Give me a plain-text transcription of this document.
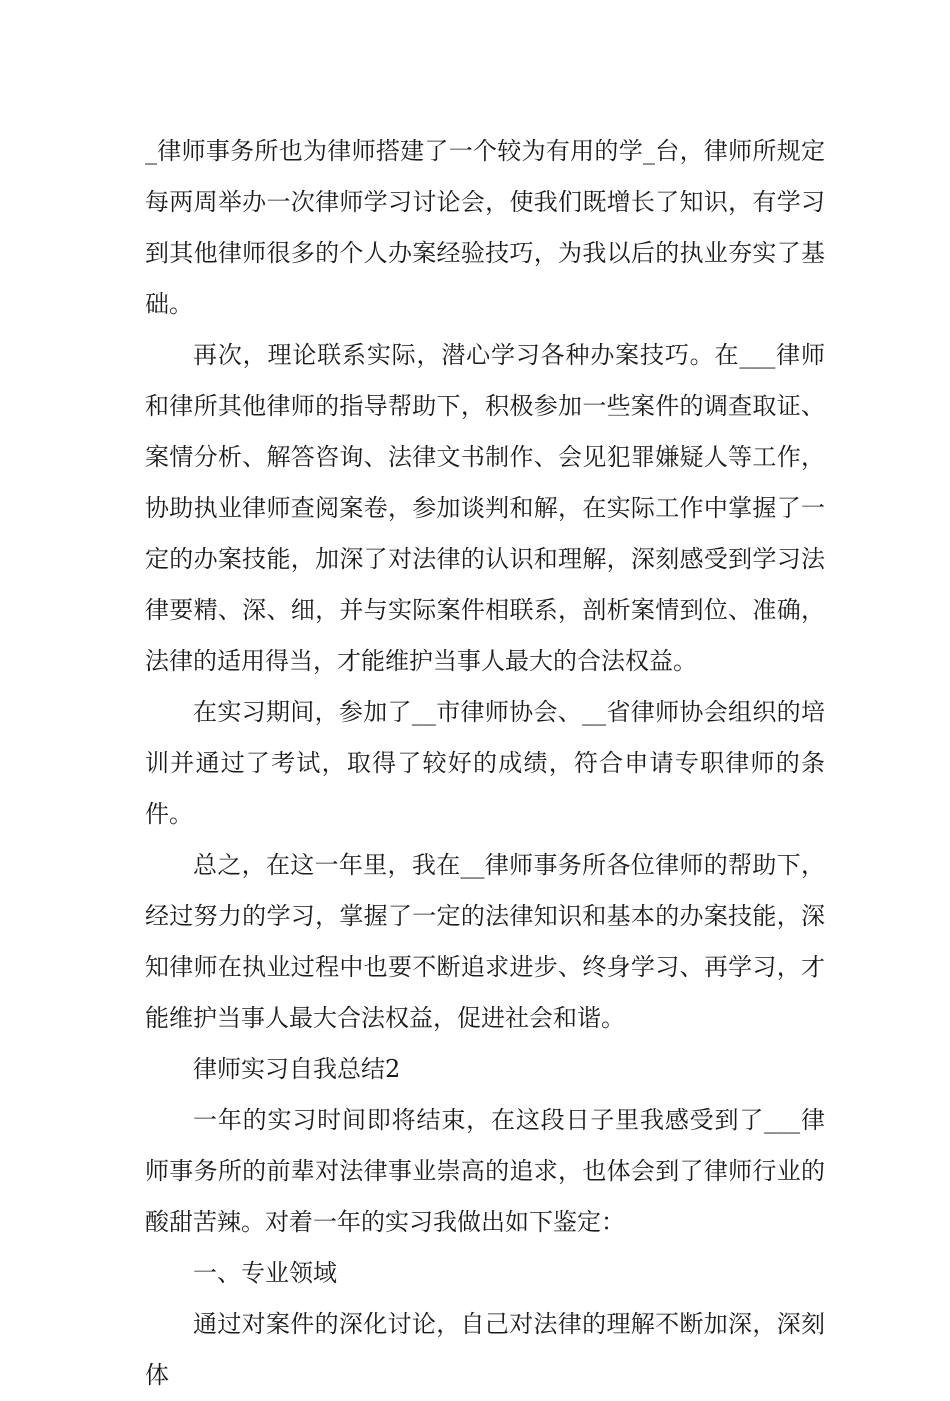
_律师事务所也为律师搭建了一个较为有用的学_台，律师所规定每两周举办一次律师学习讨论会，使我们既增长了知识，有学习到其他律师很多的个人办案经验技巧，为我以后的执业夯实了基础。

再次，理论联系实际，潜心学习各种办案技巧。在___律师和律所其他律师的指导帮助下，积极参加一些案件的调查取证、案情分析、解答咨询、法律文书制作、会见犯罪嫌疑人等工作，协助执业律师查阅案卷，参加谈判和解，在实际工作中掌握了一定的办案技能，加深了对法律的认识和理解，深刻感受到学习法律要精、深、细，并与实际案件相联系，剖析案情到位、准确，法律的适用得当，才能维护当事人最大的合法权益。

在实习期间，参加了__市律师协会、__省律师协会组织的培训并通过了考试，取得了较好的成绩，符合申请专职律师的条件。

总之，在这一年里，我在__律师事务所各位律师的帮助下，经过努力的学习，掌握了一定的法律知识和基本的办案技能，深知律师在执业过程中也要不断追求进步、终身学习、再学习，才能维护当事人最大合法权益，促进社会和谐。

律师实习自我总结2

一年的实习时间即将结束，在这段日子里我感受到了___律师事务所的前辈对法律事业崇高的追求，也体会到了律师行业的酸甜苦辣。对着一年的实习我做出如下鉴定：

一、专业领域

通过对案件的深化讨论，自己对法律的理解不断加深，深刻体
